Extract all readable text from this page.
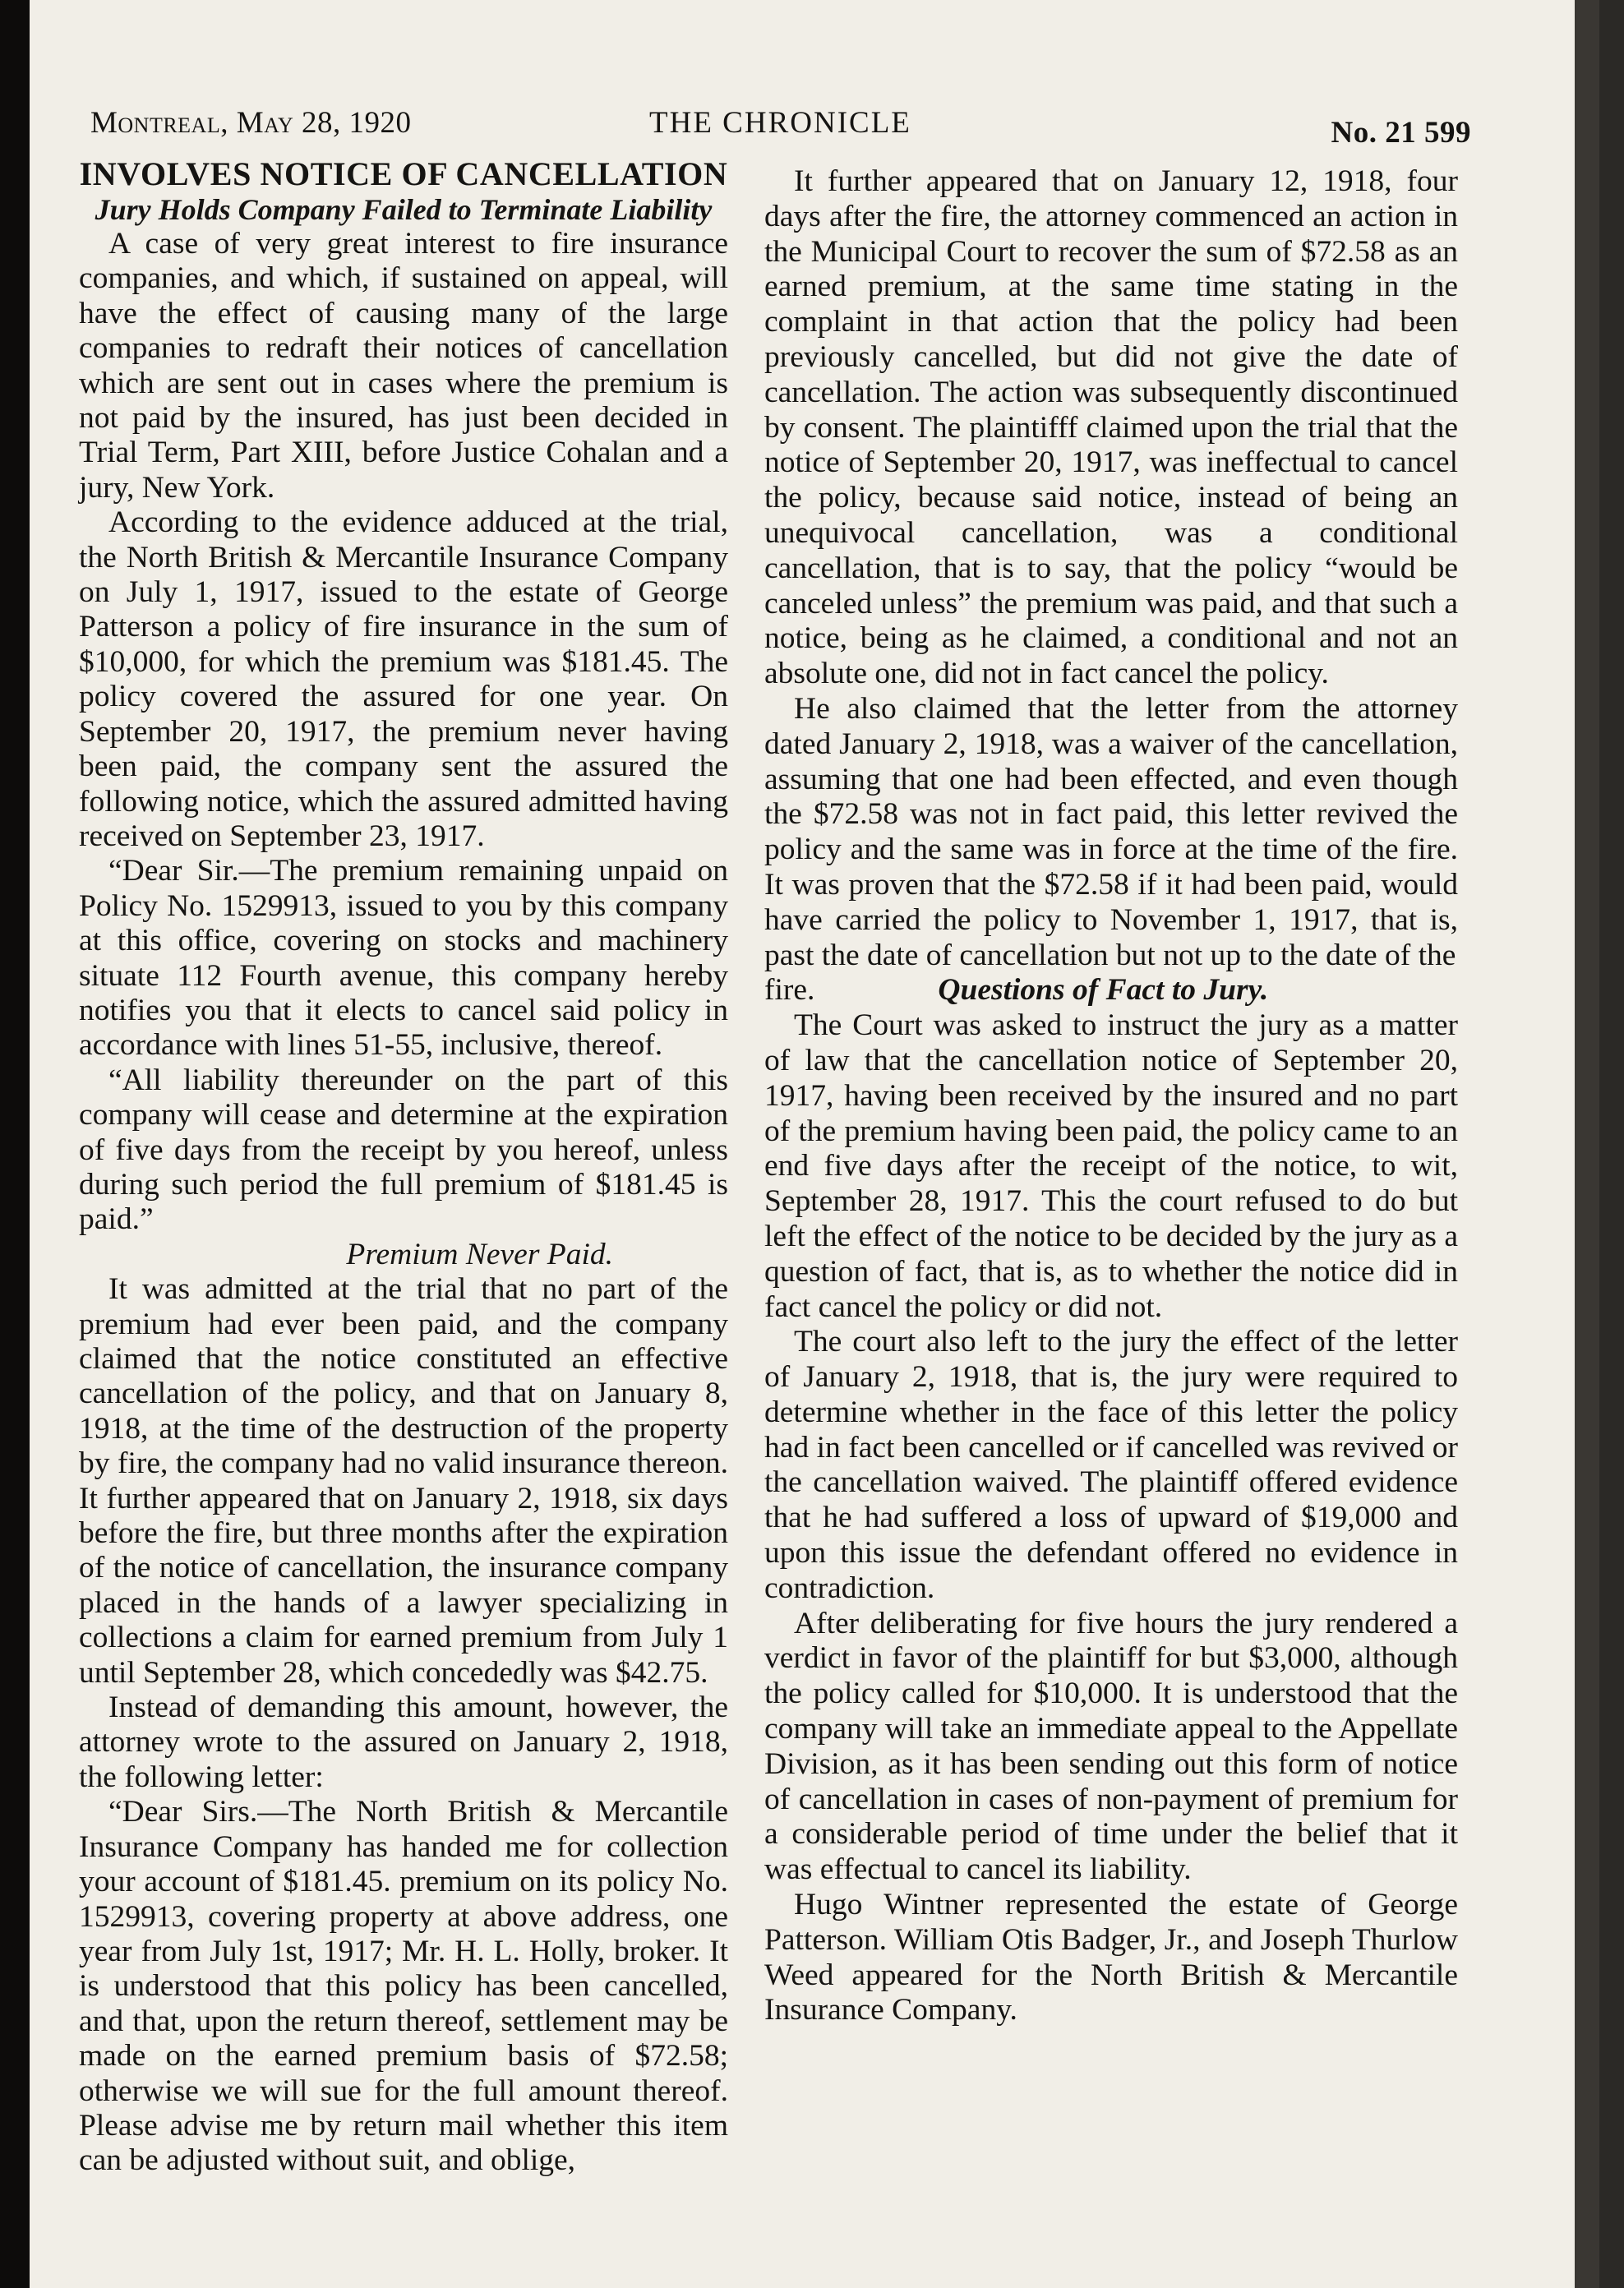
Montreal, May 28, 1920	THE CHRONICLE	No. 21 599

INVOLVES NOTICE OF CANCELLATION

Jury Holds Company Failed to Terminate Liability

A case of very great interest to fire insurance companies, and which, if sustained on appeal, will have the effect of causing many of the large companies to redraft their notices of cancellation which are sent out in cases where the premium is not paid by the insured, has just been decided in Trial Term, Part XIII, before Justice Cohalan and a jury, New York.

According to the evidence adduced at the trial, the North British & Mercantile Insurance Company on July 1, 1917, issued to the estate of George Patterson a policy of fire insurance in the sum of $10,000, for which the premium was $181.45. The policy covered the assured for one year. On September 20, 1917, the premium never having been paid, the company sent the assured the following notice, which the assured admitted having received on September 23, 1917.

“Dear Sir.—The premium remaining unpaid on Policy No. 1529913, issued to you by this company at this office, covering on stocks and machinery situate 112 Fourth avenue, this company hereby notifies you that it elects to cancel said policy in accordance with lines 51-55, inclusive, thereof.

“All liability thereunder on the part of this company will cease and determine at the expiration of five days from the receipt by you hereof, unless during such period the full premium of $181.45 is paid.”

Premium Never Paid.

It was admitted at the trial that no part of the premium had ever been paid, and the company claimed that the notice constituted an effective cancellation of the policy, and that on January 8, 1918, at the time of the destruction of the property by fire, the company had no valid insurance thereon. It further appeared that on January 2, 1918, six days before the fire, but three months after the expiration of the notice of cancellation, the insurance company placed in the hands of a lawyer specializing in collections a claim for earned premium from July 1 until September 28, which concededly was $42.75.

Instead of demanding this amount, however, the attorney wrote to the assured on January 2, 1918, the following letter:

“Dear Sirs.—The North British & Mercantile Insurance Company has handed me for collection your account of $181.45. premium on its policy No. 1529913, covering property at above address, one year from July 1st, 1917; Mr. H. L. Holly, broker. It is understood that this policy has been cancelled, and that, upon the return thereof, settlement may be made on the earned premium basis of $72.58; otherwise we will sue for the full amount thereof. Please advise me by return mail whether this item can be adjusted without suit, and oblige,

It further appeared that on January 12, 1918, four days after the fire, the attorney commenced an action in the Municipal Court to recover the sum of $72.58 as an earned premium, at the same time stating in the complaint in that action that the policy had been previously cancelled, but did not give the date of cancellation. The action was subsequently discontinued by consent. The plaintifff claimed upon the trial that the notice of September 20, 1917, was ineffectual to cancel the policy, because said notice, instead of being an unequivocal cancellation, was a conditional cancellation, that is to say, that the policy “would be canceled unless” the premium was paid, and that such a notice, being as he claimed, a conditional and not an absolute one, did not in fact cancel the policy.

He also claimed that the letter from the attorney dated January 2, 1918, was a waiver of the cancellation, assuming that one had been effected, and even though the $72.58 was not in fact paid, this letter revived the policy and the same was in force at the time of the fire. It was proven that the $72.58 if it had been paid, would have carried the policy to November 1, 1917, that is, past the date of cancellation but not up to the date of the

fire.	Questions of Fact to Jury.

The Court was asked to instruct the jury as a matter of law that the cancellation notice of September 20, 1917, having been received by the insured and no part of the premium having been paid, the policy came to an end five days after the receipt of the notice, to wit, September 28, 1917. This the court refused to do but left the effect of the notice to be decided by the jury as a question of fact, that is, as to whether the notice did in fact cancel the policy or did not.

The court also left to the jury the effect of the letter of January 2, 1918, that is, the jury were required to determine whether in the face of this letter the policy had in fact been cancelled or if cancelled was revived or the cancellation waived. The plaintiff offered evidence that he had suffered a loss of upward of $19,000 and upon this issue the defendant offered no evidence in contradiction.

After deliberating for five hours the jury rendered a verdict in favor of the plaintiff for but $3,000, although the policy called for $10,000. It is understood that the company will take an immediate appeal to the Appellate Division, as it has been sending out this form of notice of cancellation in cases of non-payment of premium for a considerable period of time under the belief that it was effectual to cancel its liability.

Hugo Wintner represented the estate of George Patterson. William Otis Badger, Jr., and Joseph Thurlow Weed appeared for the North British & Mercantile Insurance Company.
